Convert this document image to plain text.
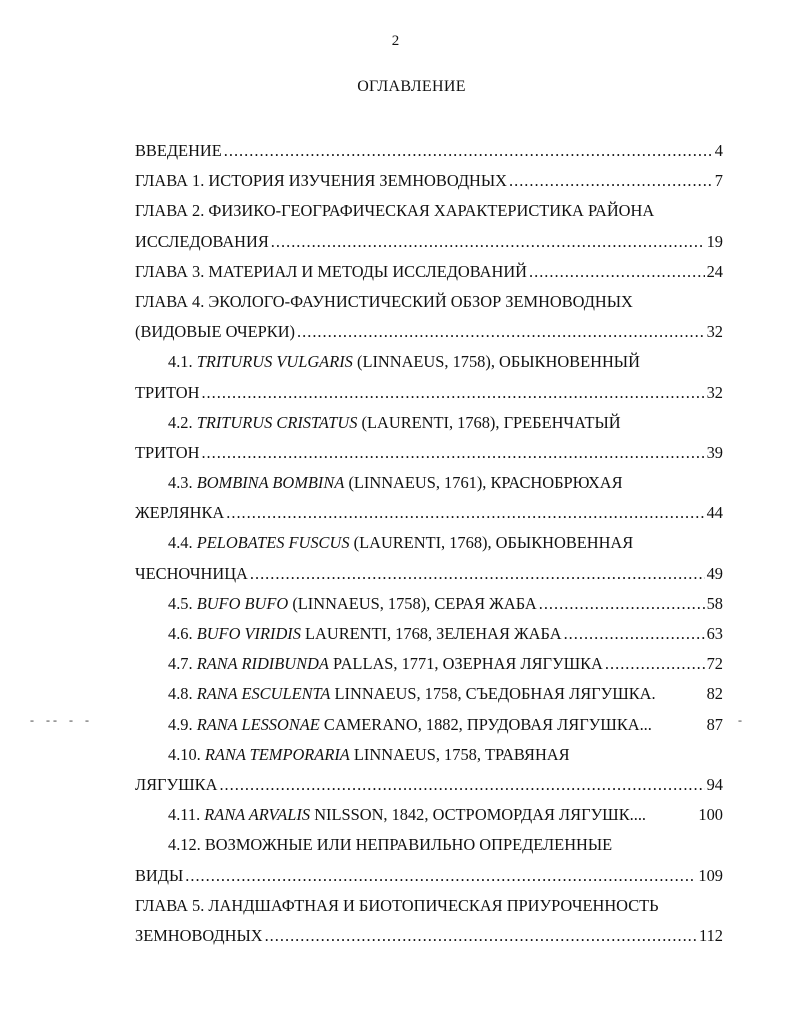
2
ОГЛАВЛЕНИЕ
ВВЕДЕНИЕ .....	4
ГЛАВА 1. ИСТОРИЯ ИЗУЧЕНИЯ ЗЕМНОВОДНЫХ .....	7
ГЛАВА 2. ФИЗИКО-ГЕОГРАФИЧЕСКАЯ ХАРАКТЕРИСТИКА РАЙОНА
ИССЛЕДОВАНИЯ .....	19
ГЛАВА 3. МАТЕРИАЛ И МЕТОДЫ ИССЛЕДОВАНИЙ .....	24
ГЛАВА 4. ЭКОЛОГО-ФАУНИСТИЧЕСКИЙ ОБЗОР ЗЕМНОВОДНЫХ
(ВИДОВЫЕ ОЧЕРКИ) .....	32
4.1. TRITURUS VULGARIS (LINNAEUS, 1758), ОБЫКНОВЕННЫЙ
ТРИТОН .....	32
4.2. TRITURUS CRISTATUS (LAURENTI, 1768), ГРЕБЕНЧАТЫЙ
ТРИТОН .....	39
4.3. BOMBINA BOMBINA (LINNAEUS, 1761), КРАСНОБРЮХАЯ
ЖЕРЛЯНКА .....	44
4.4. PELOBATES FUSCUS (LAURENTI, 1768), ОБЫКНОВЕННАЯ
ЧЕСНОЧНИЦА .....	49
4.5. BUFO BUFO (LINNAEUS, 1758), СЕРАЯ ЖАБА .....	58
4.6. BUFO VIRIDIS LAURENTI, 1768, ЗЕЛЕНАЯ ЖАБА .....	63
4.7. RANA RIDIBUNDA PALLAS, 1771, ОЗЕРНАЯ ЛЯГУШКА .....	72
4.8. RANA ESCULENTA LINNAEUS, 1758, СЪЕДОБНАЯ ЛЯГУШКА.	82
4.9. RANA LESSONAE CAMERANO, 1882, ПРУДОВАЯ ЛЯГУШКА...	87
4.10. RANA TEMPORARIA LINNAEUS, 1758, ТРАВЯНАЯ
ЛЯГУШКА .....	94
4.11. RANA ARVALIS NILSSON, 1842, ОСТРОМОРДАЯ ЛЯГУШК....	100
4.12. ВОЗМОЖНЫЕ ИЛИ НЕПРАВИЛЬНО ОПРЕДЕЛЕННЫЕ
ВИДЫ .....	109
ГЛАВА 5. ЛАНДШАФТНАЯ И БИОТОПИЧЕСКАЯ ПРИУРОЧЕННОСТЬ
ЗЕМНОВОДНЫХ .....	112
-    - -    -    -	-
